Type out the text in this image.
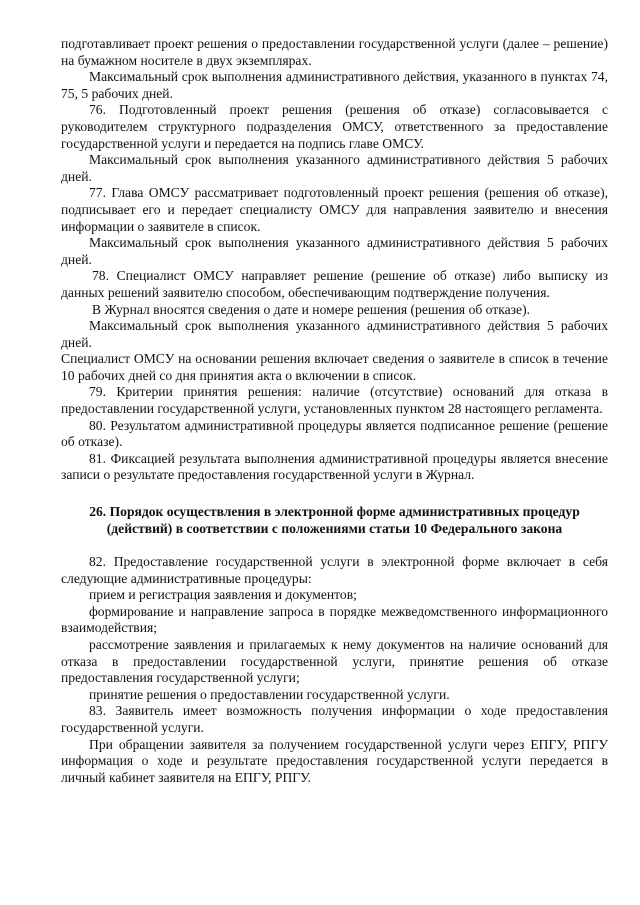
подготавливает проект решения о предоставлении государственной услуги (далее – решение) на бумажном носителе в двух экземплярах.

Максимальный срок выполнения административного действия, указанного в пунктах 74, 75, 5 рабочих дней.

76. Подготовленный проект решения (решения об отказе) согласовывается с руководителем структурного подразделения ОМСУ, ответственного за предоставление государственной услуги и передается на подпись главе ОМСУ.

Максимальный срок выполнения указанного административного действия 5 рабочих дней.

77. Глава ОМСУ рассматривает подготовленный проект решения (решения об отказе), подписывает его и передает специалисту ОМСУ для направления заявителю и внесения информации о заявителе в список.

Максимальный срок выполнения указанного административного действия 5 рабочих дней.

78. Специалист ОМСУ направляет решение (решение об отказе) либо выписку из данных решений заявителю способом, обеспечивающим подтверждение получения.

В Журнал вносятся сведения о дате и номере решения (решения об отказе).

Максимальный срок выполнения указанного административного действия 5 рабочих дней.

Специалист ОМСУ на основании решения включает сведения о заявителе в список в течение 10 рабочих дней со дня принятия акта о включении в список.

79. Критерии принятия решения: наличие (отсутствие) оснований для отказа в предоставлении государственной услуги, установленных пунктом 28 настоящего регламента.

80. Результатом административной процедуры является подписанное решение (решение об отказе).

81. Фиксацией результата выполнения административной процедуры является внесение записи о результате предоставления государственной услуги в Журнал.

26. Порядок осуществления в электронной форме административных процедур (действий) в соответствии с положениями статьи 10 Федерального закона

82. Предоставление государственной услуги в электронной форме включает в себя следующие административные процедуры:

прием и регистрация заявления и документов;

формирование и направление запроса в порядке межведомственного информационного взаимодействия;

рассмотрение заявления и прилагаемых к нему документов на наличие оснований для отказа в предоставлении государственной услуги, принятие решения об отказе предоставления государственной услуги;

принятие решения о предоставлении государственной услуги.

83. Заявитель имеет возможность получения информации о ходе предоставления государственной услуги.

При обращении заявителя за получением государственной услуги через ЕПГУ, РПГУ информация о ходе и результате предоставления государственной услуги передается в личный кабинет заявителя на ЕПГУ, РПГУ.
